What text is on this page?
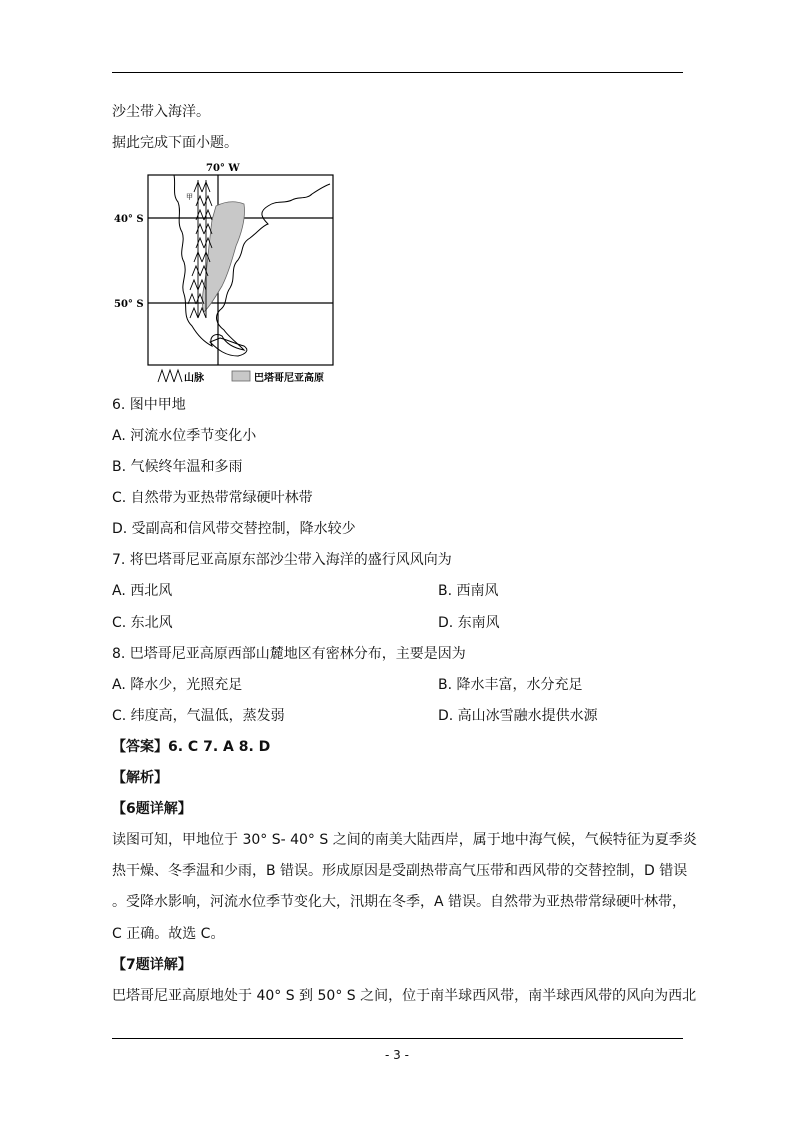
沙尘带入海洋。
据此完成下面小题。
70° W
40° S
50° S
甲
山脉	巴塔哥尼亚高原
6. 图中甲地
A. 河流水位季节变化小
B. 气候终年温和多雨
C. 自然带为亚热带常绿硬叶林带
D. 受副高和信风带交替控制，降水较少
7. 将巴塔哥尼亚高原东部沙尘带入海洋的盛行风风向为
A. 西北风	B. 西南风
C. 东北风	D. 东南风
8. 巴塔哥尼亚高原西部山麓地区有密林分布，主要是因为
A. 降水少，光照充足	B. 降水丰富，水分充足
C. 纬度高，气温低，蒸发弱	D. 高山冰雪融水提供水源
【答案】6. C 7. A 8. D
【解析】
【6题详解】
读图可知，甲地位于 30° S- 40° S 之间的南美大陆西岸，属于地中海气候，气候特征为夏季炎
热干燥、冬季温和少雨，B 错误。形成原因是受副热带高气压带和西风带的交替控制，D 错误
。受降水影响，河流水位季节变化大，汛期在冬季，A 错误。自然带为亚热带常绿硬叶林带，
C 正确。故选 C。
【7题详解】
巴塔哥尼亚高原地处于 40° S 到 50° S 之间，位于南半球西风带，南半球西风带的风向为西北
- 3 -
